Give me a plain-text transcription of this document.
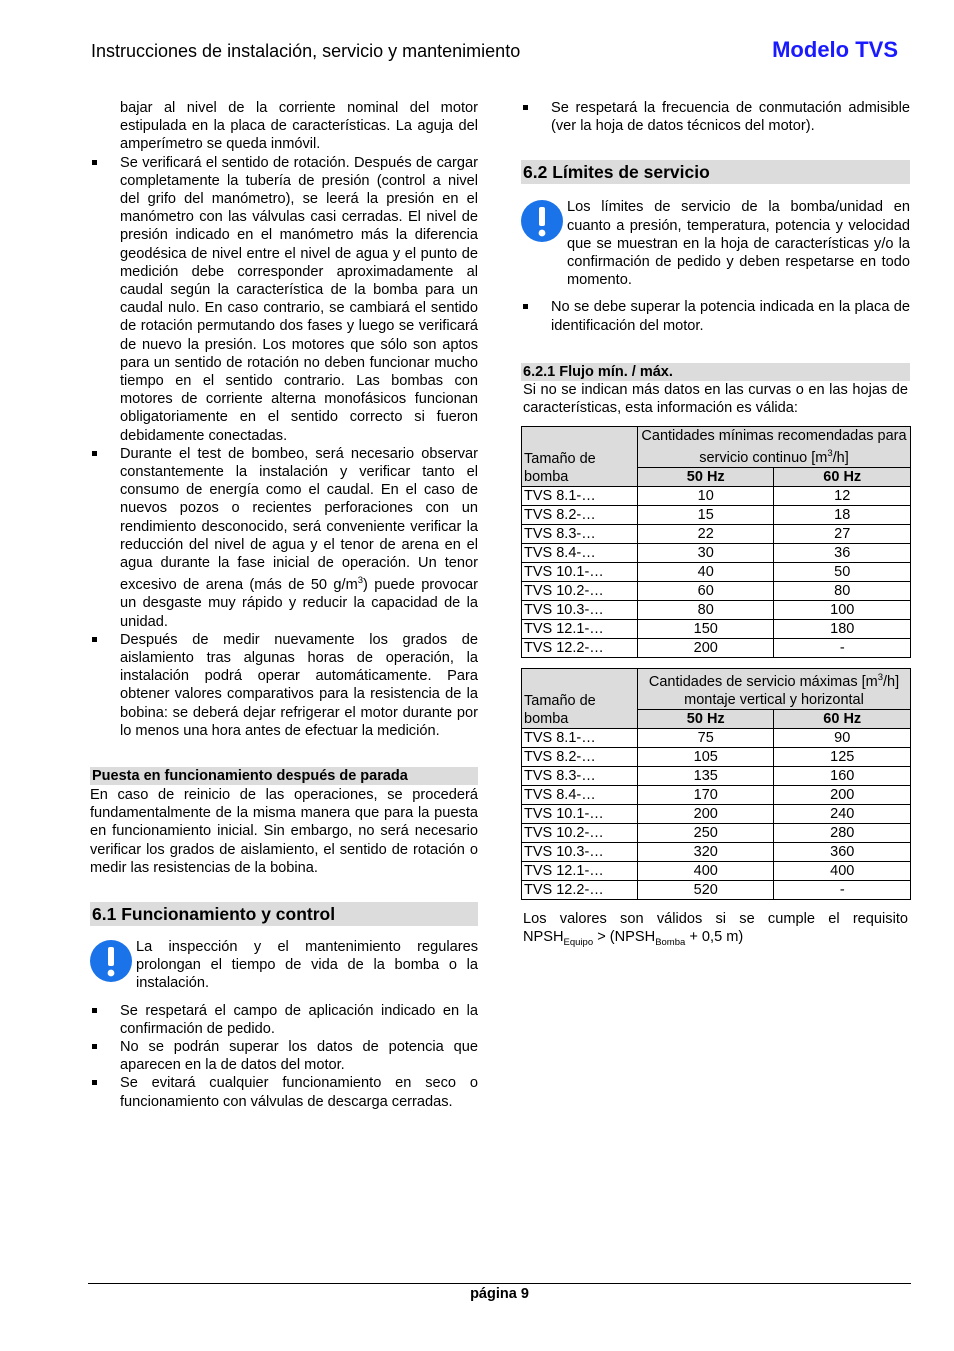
Instrucciones de instalación, servicio y mantenimiento	Modelo TVS

bajar al nivel de la corriente nominal del motor estipulada en la placa de características. La aguja del amperímetro se queda inmóvil.

Se verificará el sentido de rotación. Después de cargar completamente la tubería de presión (control a nivel del grifo del manómetro), se leerá la presión en el manómetro con las válvulas casi cerradas. El nivel de presión indicado en el manómetro más la diferencia geodésica de nivel entre el nivel de agua y el punto de medición debe corresponder aproximadamente al caudal según la característica de la bomba para un caudal nulo. En caso contrario, se cambiará el sentido de rotación permutando dos fases y luego se verificará de nuevo la presión. Los motores que sólo son aptos para un sentido de rotación no deben funcionar mucho tiempo en el sentido contrario. Las bombas con motores de corriente alterna monofásicos funcionan obligatoriamente en el sentido correcto si fueron debidamente conectadas.
Durante el test de bombeo, será necesario observar constantemente la instalación y verificar tanto el consumo de energía como el caudal. En el caso de nuevos pozos o recientes perforaciones con un rendimiento desconocido, será conveniente verificar la reducción del nivel de agua y el tenor de arena en el agua durante la fase inicial de operación. Un tenor excesivo de arena (más de 50 $g/m^3$) puede provocar un desgaste muy rápido y reducir la capacidad de la unidad.
Después de medir nuevamente los grados de aislamiento tras algunas horas de operación, la instalación podrá operar automáticamente. Para obtener valores comparativos para la resistencia de la bobina: se deberá dejar refrigerar el motor durante por lo menos una hora antes de efectuar la medición.
Puesta en funcionamiento después de parada

En caso de reinicio de las operaciones, se procederá fundamentalmente de la misma manera que para la puesta en funcionamiento inicial. Sin embargo, no será necesario verificar los grados de aislamiento, el sentido de rotación o medir las resistencias de la bobina.

6.1 Funcionamiento y control

La inspección y el mantenimiento regulares prolongan el tiempo de vida de la bomba o la instalación.

Se respetará el campo de aplicación indicado en la confirmación de pedido.
No se podrán superar los datos de potencia que aparecen en la de datos del motor.
Se evitará cualquier funcionamiento en seco o funcionamiento con válvulas de descarga cerradas.
Se respetará la frecuencia de conmutación admisible (ver la hoja de datos técnicos del motor).
6.2 Límites de servicio

Los límites de servicio de la bomba/unidad en cuanto a presión, temperatura, potencia y velocidad que se muestran en la hoja de características y/o la confirmación de pedido y deben respetarse en todo momento.

No se debe superar la potencia indicada en la placa de identificación del motor.
6.2.1 Flujo mín. / máx.

Si no se indican más datos en las curvas o en las hojas de características, esta información es válida:

Tamaño de bomba	Cantidades mínimas recomendadas para servicio continuo $[m^3/h]$	
	50 Hz	60 Hz
TVS 8.1-…	10	12
TVS 8.2-…	15	18
TVS 8.3-…	22	27
TVS 8.4-…	30	36
TVS 10.1-…	40	50
TVS 10.2-…	60	80
TVS 10.3-…	80	100
TVS 12.1-…	150	180
TVS 12.2-…	200	-
Tamaño de bomba	Cantidades de servicio máximas $[m^3/h]$ montaje vertical y horizontal	
	50 Hz	60 Hz
TVS 8.1-…	75	90
TVS 8.2-…	105	125
TVS 8.3-…	135	160
TVS 8.4-…	170	200
TVS 10.1-…	200	240
TVS 10.2-…	250	280
TVS 10.3-…	320	360
TVS 12.1-…	400	400
TVS 12.2-…	520	-

Los valores son válidos si se cumple el requisito $NPSH_{Equipo}$ > ($NPSH_{Bomba} + 0,5$ m)

página 9
